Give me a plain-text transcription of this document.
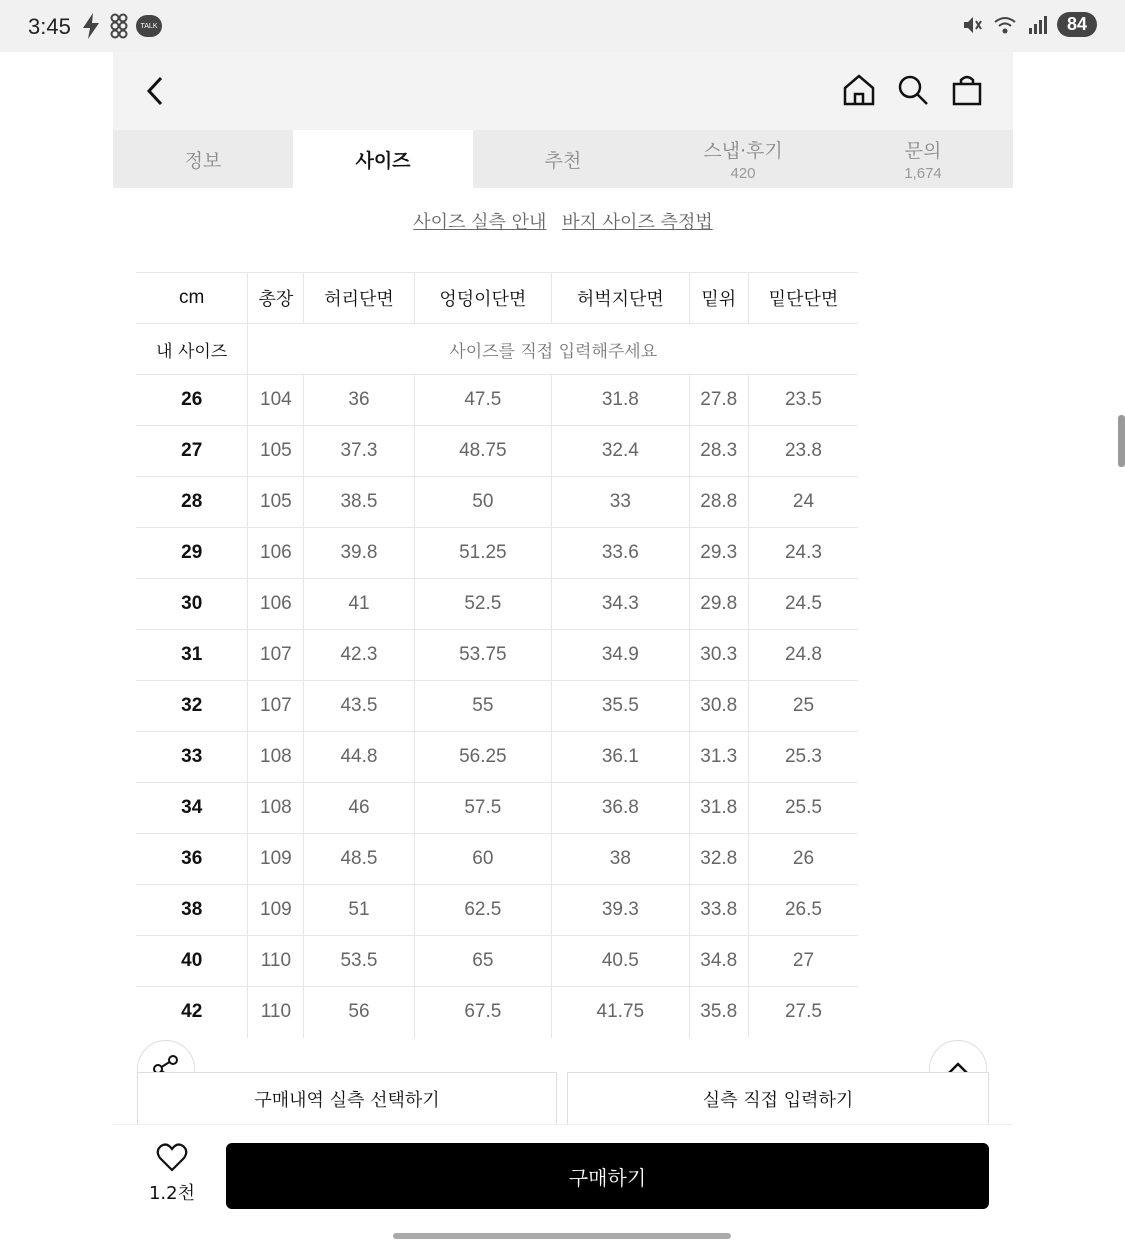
3:45	TALK	84
정보	사이즈	추천	스냅·후기
420
문의
1,674
사이즈 실측 안내 바지 사이즈 측정법
cm	총장	허리단면	엉덩이단면	허벅지단면	밑위	밑단단면
내 사이즈	사이즈를 직접 입력해주세요					
26	104	36	47.5	31.8	27.8	23.5
27	105	37.3	48.75	32.4	28.3	23.8
28	105	38.5	50	33	28.8	24
29	106	39.8	51.25	33.6	29.3	24.3
30	106	41	52.5	34.3	29.8	24.5
31	107	42.3	53.75	34.9	30.3	24.8
32	107	43.5	55	35.5	30.8	25
33	108	44.8	56.25	36.1	31.3	25.3
34	108	46	57.5	36.8	31.8	25.5
36	109	48.5	60	38	32.8	26
38	109	51	62.5	39.3	33.8	26.5
40	110	53.5	65	40.5	34.8	27
42	110	56	67.5	41.75	35.8	27.5
구매내역 실측 선택하기	실측 직접 입력하기
1.2천
구매하기
